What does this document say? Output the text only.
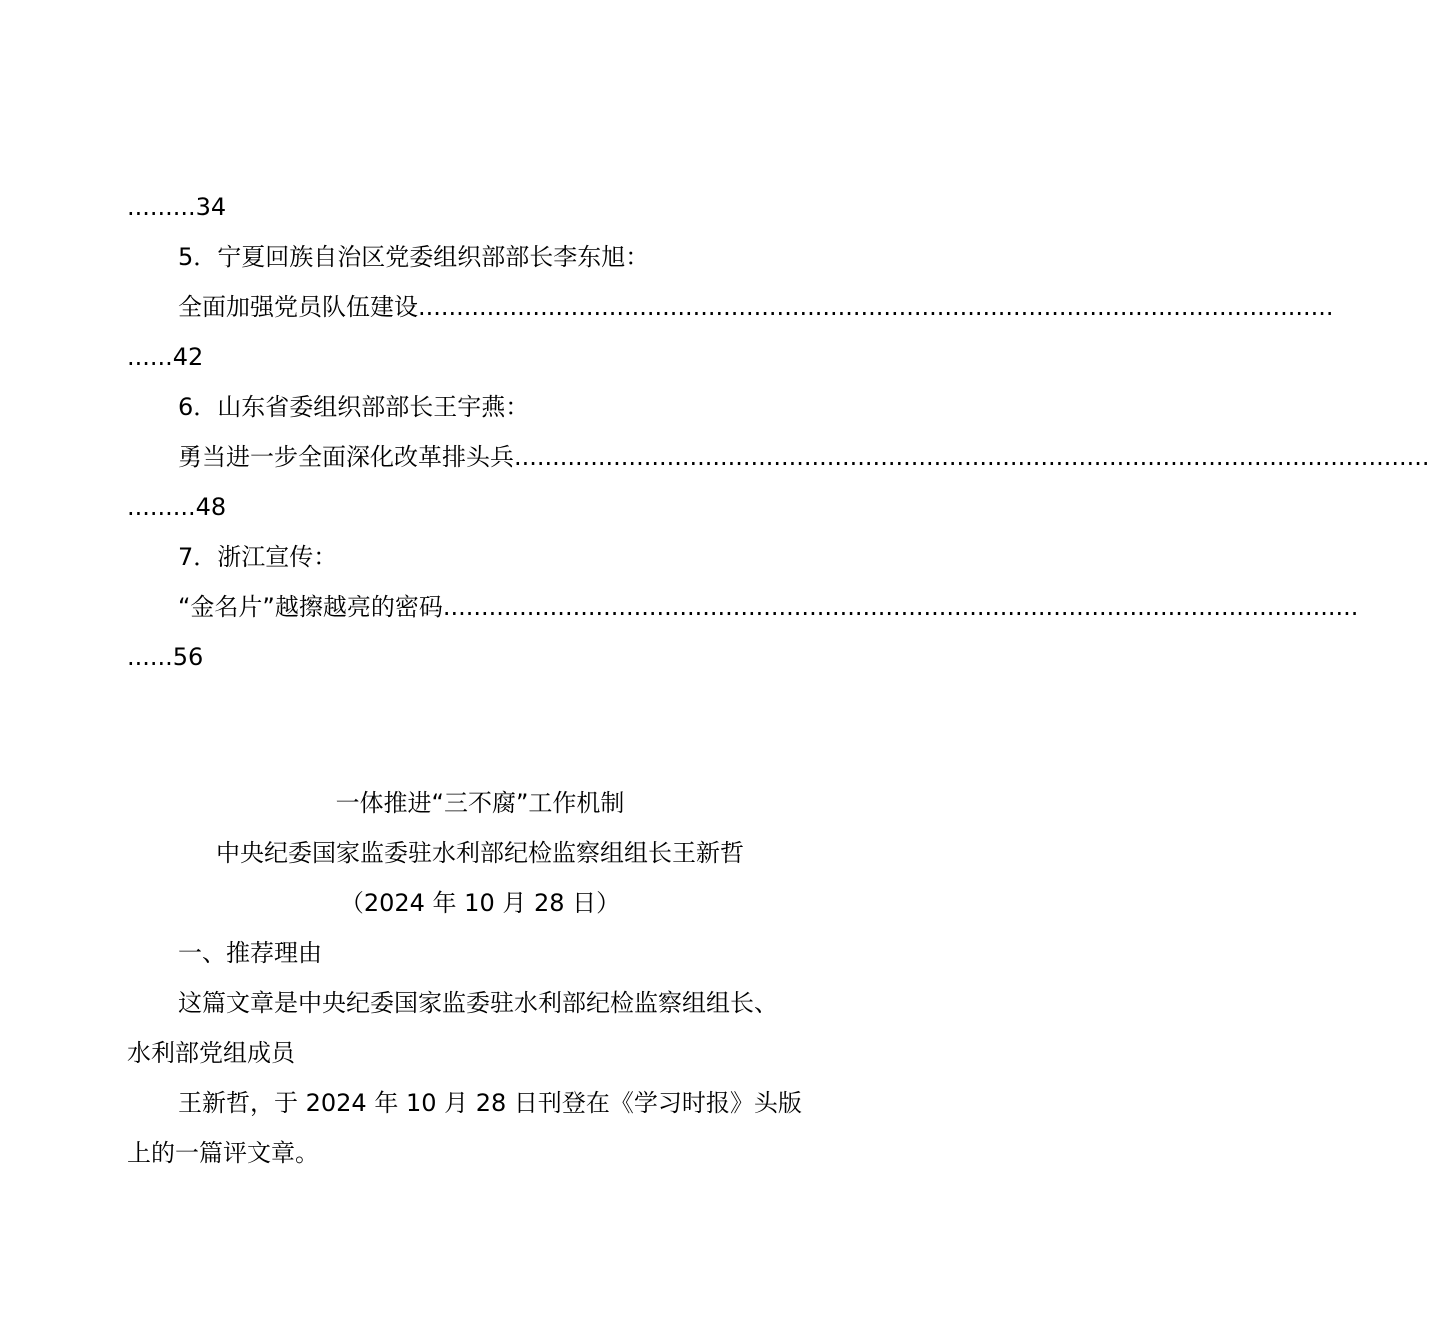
.........34
5．宁夏回族自治区党委组织部部长李东旭：
全面加强党员队伍建设 ........................................................................................................................
......42
6．山东省委组织部部长王宇燕：
勇当进一步全面深化改革排头兵 ........................................................................................................................
.........48
7．浙江宣传：
“金名片”越擦越亮的密码 ........................................................................................................................
......56
一体推进“三不腐”工作机制
中央纪委国家监委驻水利部纪检监察组组长王新哲
（2024 年 10 月 28 日）
一、推荐理由
这篇文章是中央纪委国家监委驻水利部纪检监察组组长、
水利部党组成员
王新哲，于 2024 年 10 月 28 日刊登在《学习时报》头版
上的一篇评文章。
